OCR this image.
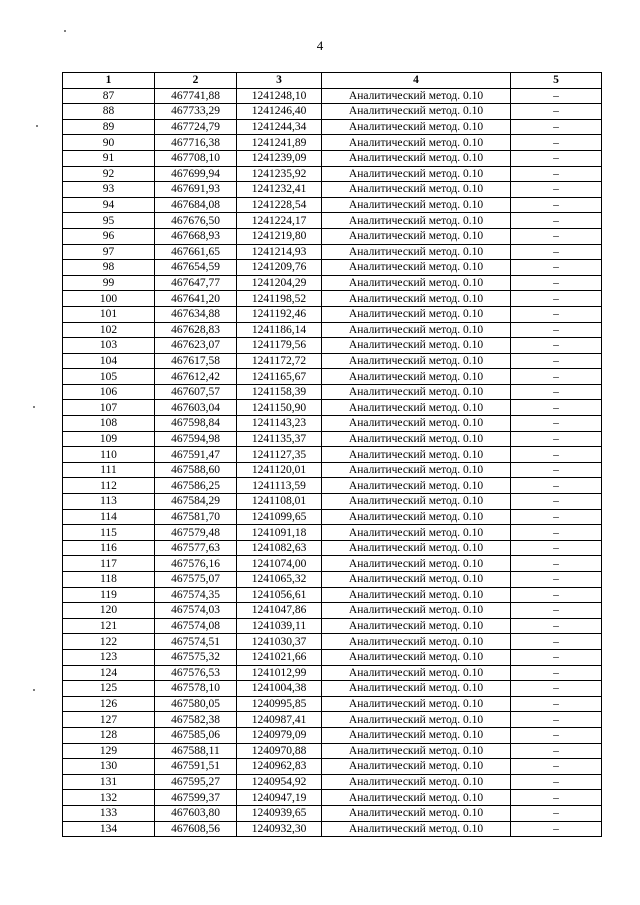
4
1	2	3	4	5
87	467741,88	1241248,10	Аналитический метод. 0.10	–
88	467733,29	1241246,40	Аналитический метод. 0.10	–
89	467724,79	1241244,34	Аналитический метод. 0.10	–
90	467716,38	1241241,89	Аналитический метод. 0.10	–
91	467708,10	1241239,09	Аналитический метод. 0.10	–
92	467699,94	1241235,92	Аналитический метод. 0.10	–
93	467691,93	1241232,41	Аналитический метод. 0.10	–
94	467684,08	1241228,54	Аналитический метод. 0.10	–
95	467676,50	1241224,17	Аналитический метод. 0.10	–
96	467668,93	1241219,80	Аналитический метод. 0.10	–
97	467661,65	1241214,93	Аналитический метод. 0.10	–
98	467654,59	1241209,76	Аналитический метод. 0.10	–
99	467647,77	1241204,29	Аналитический метод. 0.10	–
100	467641,20	1241198,52	Аналитический метод. 0.10	–
101	467634,88	1241192,46	Аналитический метод. 0.10	–
102	467628,83	1241186,14	Аналитический метод. 0.10	–
103	467623,07	1241179,56	Аналитический метод. 0.10	–
104	467617,58	1241172,72	Аналитический метод. 0.10	–
105	467612,42	1241165,67	Аналитический метод. 0.10	–
106	467607,57	1241158,39	Аналитический метод. 0.10	–
107	467603,04	1241150,90	Аналитический метод. 0.10	–
108	467598,84	1241143,23	Аналитический метод. 0.10	–
109	467594,98	1241135,37	Аналитический метод. 0.10	–
110	467591,47	1241127,35	Аналитический метод. 0.10	–
111	467588,60	1241120,01	Аналитический метод. 0.10	–
112	467586,25	1241113,59	Аналитический метод. 0.10	–
113	467584,29	1241108,01	Аналитический метод. 0.10	–
114	467581,70	1241099,65	Аналитический метод. 0.10	–
115	467579,48	1241091,18	Аналитический метод. 0.10	–
116	467577,63	1241082,63	Аналитический метод. 0.10	–
117	467576,16	1241074,00	Аналитический метод. 0.10	–
118	467575,07	1241065,32	Аналитический метод. 0.10	–
119	467574,35	1241056,61	Аналитический метод. 0.10	–
120	467574,03	1241047,86	Аналитический метод. 0.10	–
121	467574,08	1241039,11	Аналитический метод. 0.10	–
122	467574,51	1241030,37	Аналитический метод. 0.10	–
123	467575,32	1241021,66	Аналитический метод. 0.10	–
124	467576,53	1241012,99	Аналитический метод. 0.10	–
125	467578,10	1241004,38	Аналитический метод. 0.10	–
126	467580,05	1240995,85	Аналитический метод. 0.10	–
127	467582,38	1240987,41	Аналитический метод. 0.10	–
128	467585,06	1240979,09	Аналитический метод. 0.10	–
129	467588,11	1240970,88	Аналитический метод. 0.10	–
130	467591,51	1240962,83	Аналитический метод. 0.10	–
131	467595,27	1240954,92	Аналитический метод. 0.10	–
132	467599,37	1240947,19	Аналитический метод. 0.10	–
133	467603,80	1240939,65	Аналитический метод. 0.10	–
134	467608,56	1240932,30	Аналитический метод. 0.10	–
